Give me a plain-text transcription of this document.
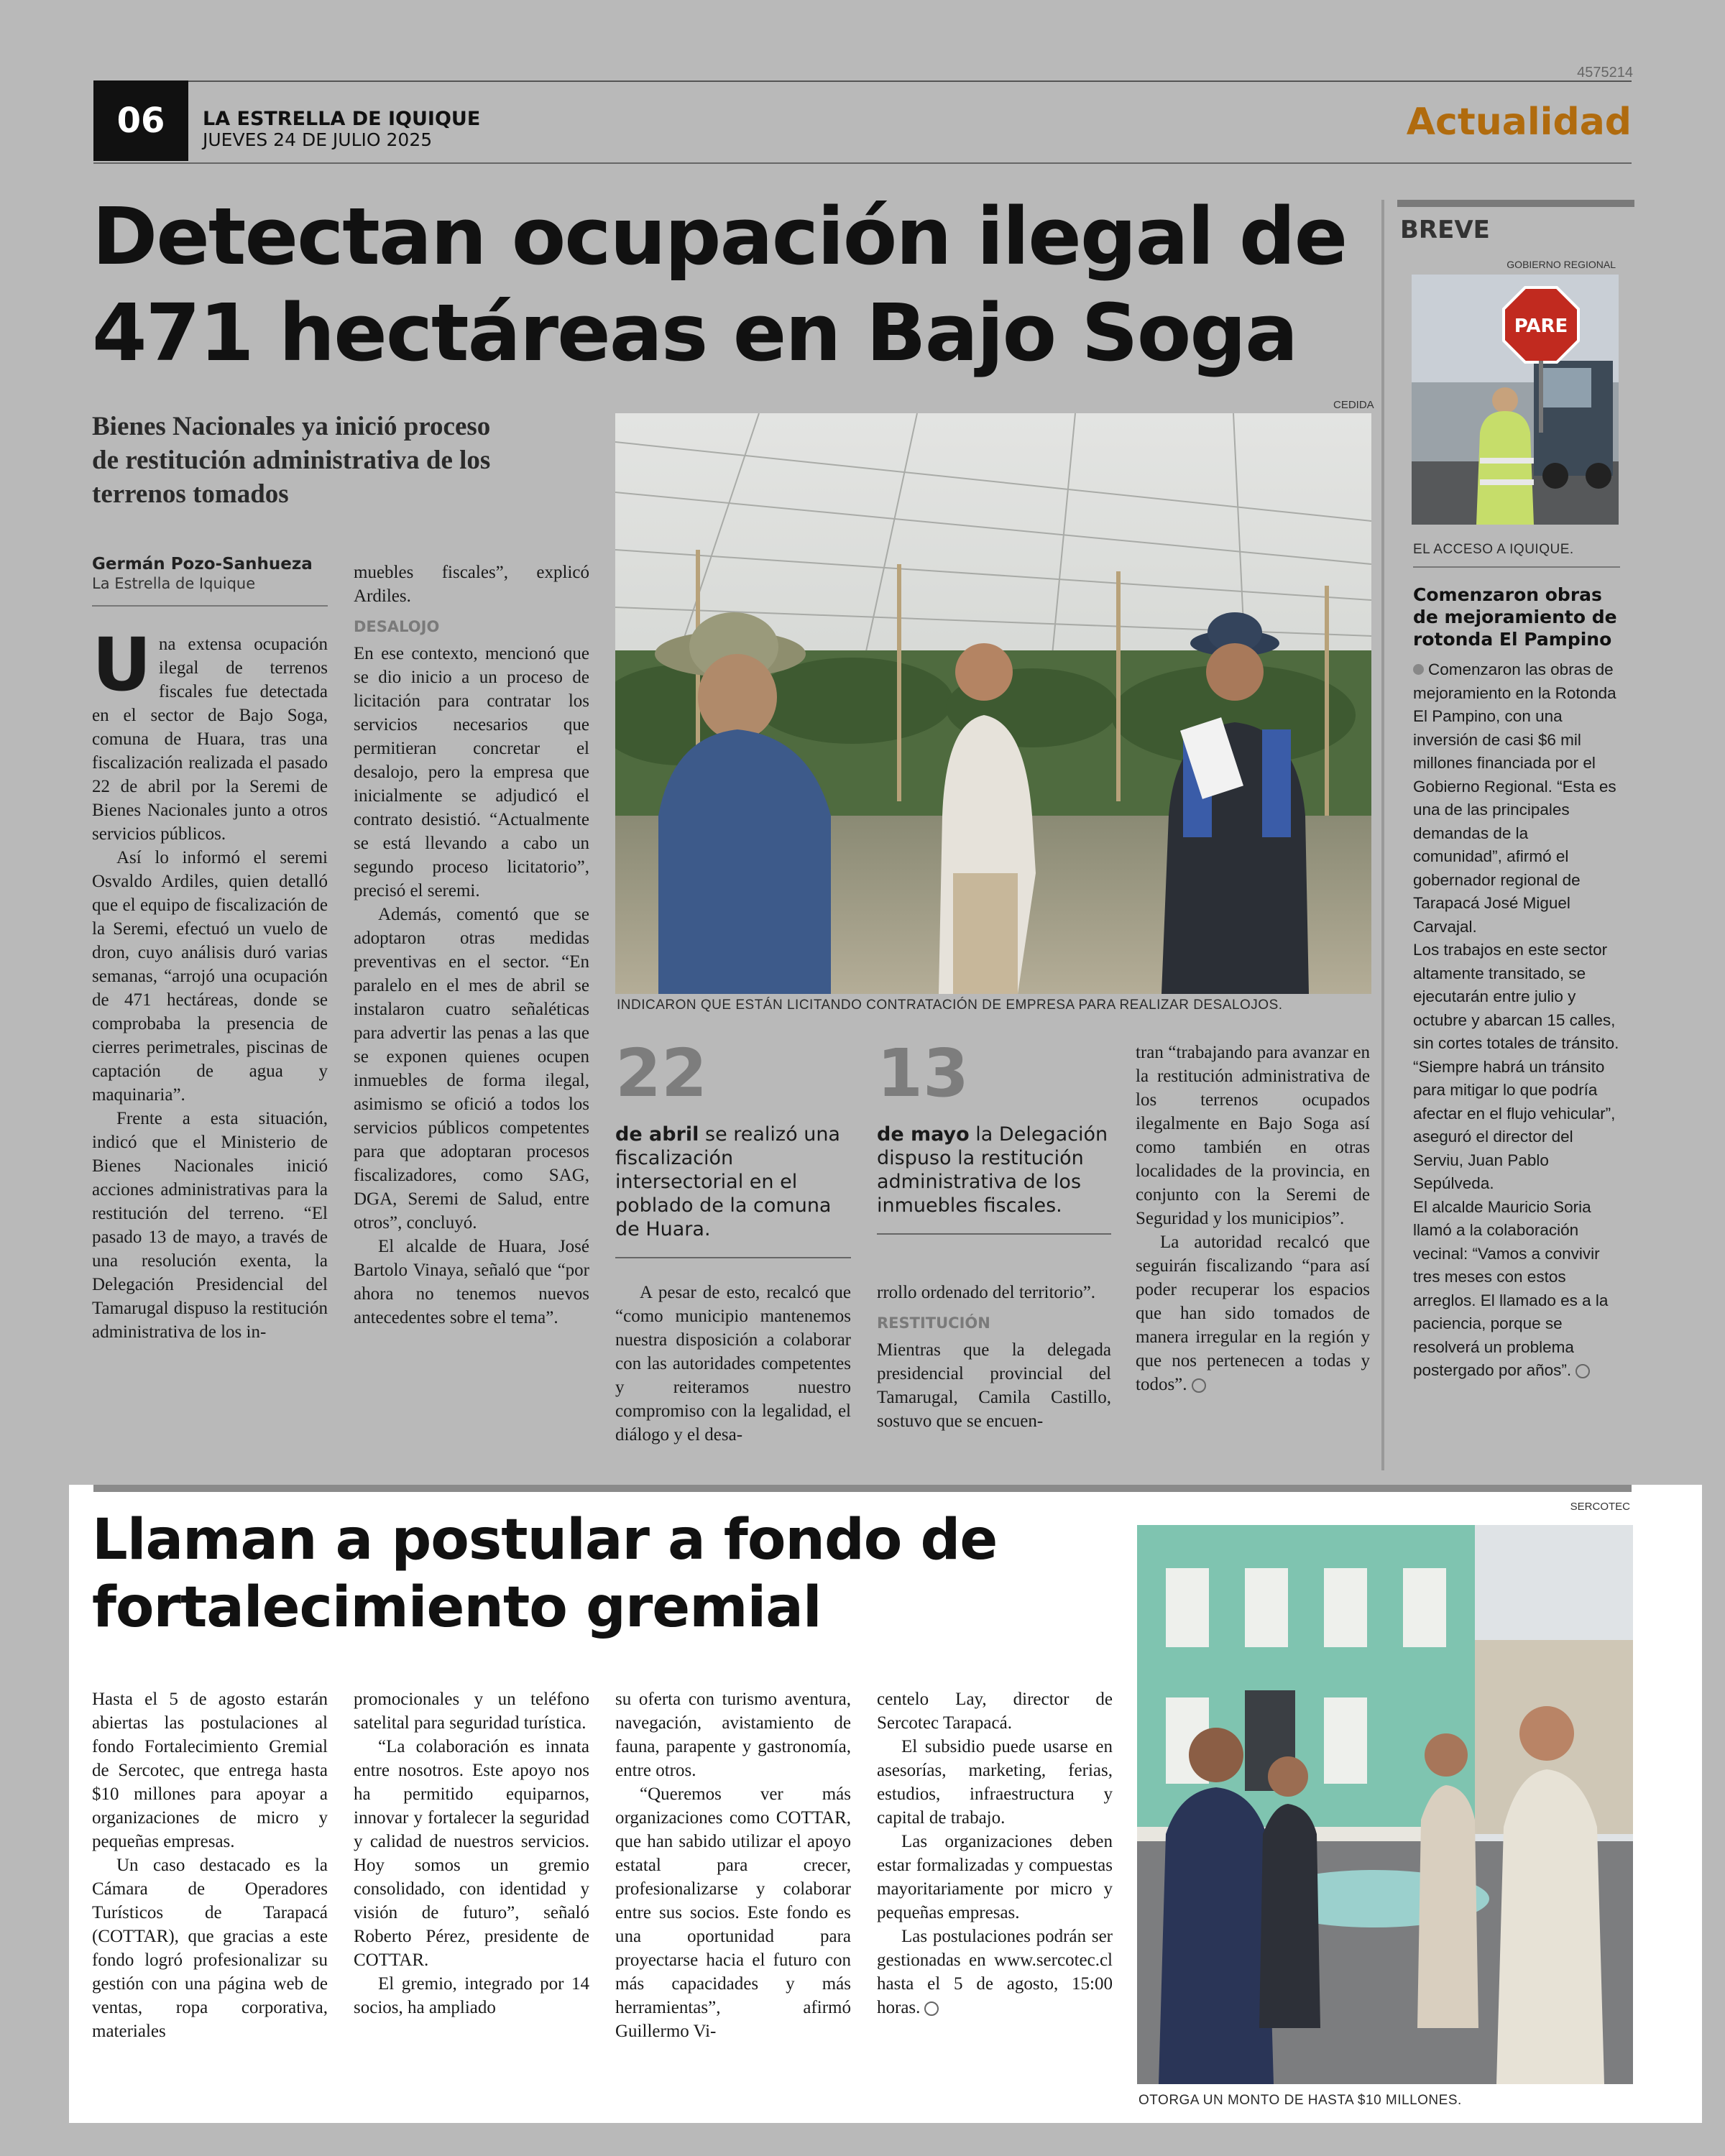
4575214
06	LA ESTRELLA DE IQUIQUE
JUEVES 24 DE JULIO 2025	Actualidad
Detectan ocupación ilegal de
471 hectáreas en Bajo Soga
Bienes Nacionales ya inició proceso
de restitución administrativa de los
terrenos tomados
Germán Pozo-Sanhueza
La Estrella de Iquique
CEDIDA
INDICARON QUE ESTÁN LICITANDO CONTRATACIÓN DE EMPRESA PARA REALIZAR DESALOJOS.

Una extensa ocupación ilegal de terrenos fiscales fue detectada en el sector de Bajo Soga, comuna de Huara, tras una fiscalización realizada el pasado 22 de abril por la Seremi de Bienes Nacionales junto a otros servicios públicos.

Así lo informó el seremi Osvaldo Ardiles, quien detalló que el equipo de fiscalización de la Seremi, efectuó un vuelo de dron, cuyo análisis duró varias semanas, “arrojó una ocupación de 471 hectáreas, donde se comprobaba la presencia de cierres perimetrales, piscinas de captación de agua y maquinaria”.

Frente a esta situación, indicó que el Ministerio de Bienes Nacionales inició acciones administrativas para la restitución del terreno. “El pasado 13 de mayo, a través de una resolución exenta, la Delegación Presidencial del Tamarugal dispuso la restitución administrativa de los in-

muebles fiscales”, explicó Ardiles.

DESALOJO

En ese contexto, mencionó que se dio inicio a un proceso de licitación para contratar los servicios necesarios que permitieran concretar el desalojo, pero la empresa que inicialmente se adjudicó el contrato desistió. “Actualmente se está llevando a cabo un segundo proceso licitatorio”, precisó el seremi.

Además, comentó que se adoptaron otras medidas preventivas en el sector. “En paralelo en el mes de abril se instalaron cuatro señaléticas para advertir las penas a las que se exponen quienes ocupen inmuebles de forma ilegal, asimismo se ofició a todos los servicios públicos competentes para que adoptaran procesos fiscalizadores, como SAG, DGA, Seremi de Salud, entre otros”, concluyó.

El alcalde de Huara, José Bartolo Vinaya, señaló que “por ahora no tenemos nuevos antecedentes sobre el tema”.

22
de abril se realizó una fiscalización intersectorial en el poblado de la comuna de Huara.
13
de mayo la Delegación dispuso la restitución administrativa de los inmuebles fiscales.

A pesar de esto, recalcó que “como municipio mantenemos nuestra disposición a colaborar con las autoridades competentes y reiteramos nuestro compromiso con la legalidad, el diálogo y el desa-

rrollo ordenado del territorio”.

RESTITUCIÓN

Mientras que la delegada presidencial provincial del Tamarugal, Camila Castillo, sostuvo que se encuen-

tran “trabajando para avanzar en la restitución administrativa de los terrenos ocupados ilegalmente en Bajo Soga así como también en otras localidades de la provincia, en conjunto con la Seremi de Seguridad y los municipios”.

La autoridad recalcó que seguirán fiscalizando “para así poder recuperar los espacios que han sido tomados de manera irregular en la región y que nos pertenecen a todas y todos”.

BREVE
GOBIERNO REGIONAL
PARE
EL ACCESO A IQUIQUE.
Comenzaron obras de mejoramiento de rotonda El Pampino

Comenzaron las obras de mejoramiento en la Rotonda El Pampino, con una inversión de casi $6 mil millones financiada por el Gobierno Regional. “Esta es una de las principales demandas de la comunidad”, afirmó el gobernador regional de Tarapacá José Miguel Carvajal.

Los trabajos en este sector altamente transitado, se ejecutarán entre julio y octubre y abarcan 15 calles, sin cortes totales de tránsito.

“Siempre habrá un tránsito para mitigar lo que podría afectar en el flujo vehicular”, aseguró el director del Serviu, Juan Pablo Sepúlveda.

El alcalde Mauricio Soria llamó a la colaboración vecinal: “Vamos a convivir tres meses con estos arreglos. El llamado es a la paciencia, porque se resolverá un problema postergado por años”.

Llaman a postular a fondo de
fortalecimiento gremial

Hasta el 5 de agosto estarán abiertas las postulaciones al fondo Fortalecimiento Gremial de Sercotec, que entrega hasta $10 millones para apoyar a organizaciones de micro y pequeñas empresas.

Un caso destacado es la Cámara de Operadores Turísticos de Tarapacá (COTTAR), que gracias a este fondo logró profesionalizar su gestión con una página web de ventas, ropa corporativa, materiales

promocionales y un teléfono satelital para seguridad turística.

“La colaboración es innata entre nosotros. Este apoyo nos ha permitido equiparnos, innovar y fortalecer la seguridad y calidad de nuestros servicios. Hoy somos un gremio consolidado, con identidad y visión de futuro”, señaló Roberto Pérez, presidente de COTTAR.

El gremio, integrado por 14 socios, ha ampliado

su oferta con turismo aventura, navegación, avistamiento de fauna, parapente y gastronomía, entre otros.

“Queremos ver más organizaciones como COTTAR, que han sabido utilizar el apoyo estatal para crecer, profesionalizarse y colaborar entre sus socios. Este fondo es una oportunidad para proyectarse hacia el futuro con más capacidades y más herramientas”, afirmó Guillermo Vi-

centelo Lay, director de Sercotec Tarapacá.

El subsidio puede usarse en asesorías, marketing, ferias, estudios, infraestructura y capital de trabajo.

Las organizaciones deben estar formalizadas y compuestas mayoritariamente por micro y pequeñas empresas.

Las postulaciones podrán ser gestionadas en www.sercotec.cl hasta el 5 de agosto, 15:00 horas.

SERCOTEC
OTORGA UN MONTO DE HASTA $10 MILLONES.
